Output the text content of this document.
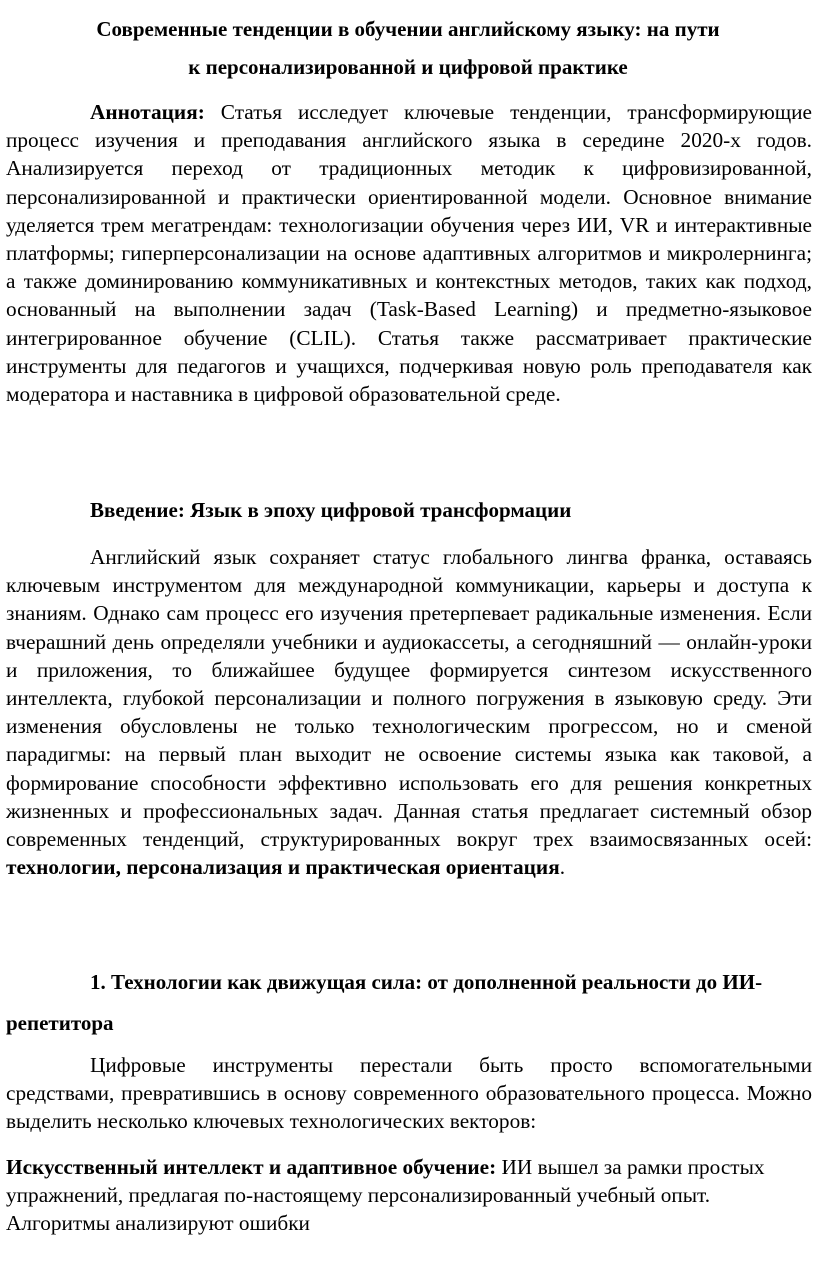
Современные тенденции в обучении английскому языку: на пути
к персонализированной и цифровой практике
Аннотация: Статья исследует ключевые тенденции, трансформирующие процесс изучения и преподавания английского языка в середине 2020-х годов. Анализируется переход от традиционных методик к цифровизированной, персонализированной и практически ориентированной модели. Основное внимание уделяется трем мегатрендам: технологизации обучения через ИИ, VR и интерактивные платформы; гиперперсонализации на основе адаптивных алгоритмов и микролернинга; а также доминированию коммуникативных и контекстных методов, таких как подход, основанный на выполнении задач (Task-Based Learning) и предметно-языковое интегрированное обучение (CLIL). Статья также рассматривает практические инструменты для педагогов и учащихся, подчеркивая новую роль преподавателя как модератора и наставника в цифровой образовательной среде.
Введение: Язык в эпоху цифровой трансформации
Английский язык сохраняет статус глобального лингва франка, оставаясь ключевым инструментом для международной коммуникации, карьеры и доступа к знаниям. Однако сам процесс его изучения претерпевает радикальные изменения. Если вчерашний день определяли учебники и аудиокассеты, а сегодняшний — онлайн-уроки и приложения, то ближайшее будущее формируется синтезом искусственного интеллекта, глубокой персонализации и полного погружения в языковую среду. Эти изменения обусловлены не только технологическим прогрессом, но и сменой парадигмы: на первый план выходит не освоение системы языка как таковой, а формирование способности эффективно использовать его для решения конкретных жизненных и профессиональных задач. Данная статья предлагает системный обзор современных тенденций, структурированных вокруг трех взаимосвязанных осей: технологии, персонализация и практическая ориентация.
1. Технологии как движущая сила: от дополненной реальности до ИИ-репетитора
Цифровые инструменты перестали быть просто вспомогательными средствами, превратившись в основу современного образовательного процесса. Можно выделить несколько ключевых технологических векторов:
Искусственный интеллект и адаптивное обучение: ИИ вышел за рамки простых упражнений, предлагая по-настоящему персонализированный учебный опыт. Алгоритмы анализируют ошибки
